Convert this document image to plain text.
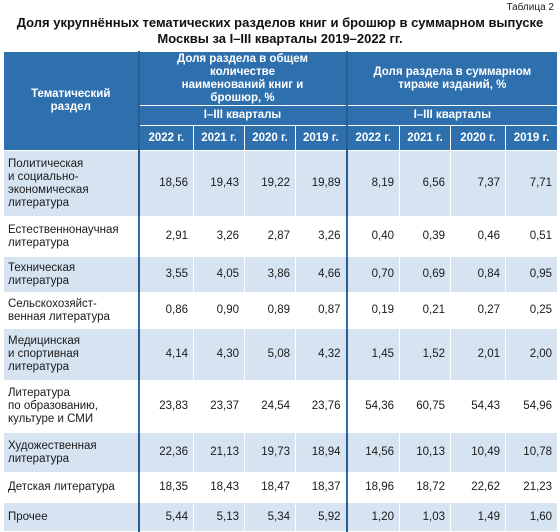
Таблица 2
Доля укрупнённых тематических разделов книг и брошюр в суммарном выпуске
Москвы за I–III кварталы 2019–2022 гг.
Тематический раздел	Доля раздела в общем количестве наименований книг и брошюр, %				Доля раздела в суммарном тиражe изданий, %			
	I–III кварталы				I–III кварталы			
	2022 г.	2021 г.	2020 г.	2019 г.	2022 г.	2021 г.	2020 г.	2019 г.

Политическая
и социально-
экономическая
литература	18,56	19,43	19,22	19,89	8,19	6,56	7,37	7,71

Естественнонаучная
литература	2,91	3,26	2,87	3,26	0,40	0,39	0,46	0,51

Техническая
литература	3,55	4,05	3,86	4,66	0,70	0,69	0,84	0,95

Сельскохозяйст-
венная литература	0,86	0,90	0,89	0,87	0,19	0,21	0,27	0,25

Медицинская
и спортивная
литература	4,14	4,30	5,08	4,32	1,45	1,52	2,01	2,00

Литература
по образованию,
культуре и СМИ	23,83	23,37	24,54	23,76	54,36	60,75	54,43	54,96

Художественная
литература	22,36	21,13	19,73	18,94	14,56	10,13	10,49	10,78

Детская литература	18,35	18,43	18,47	18,37	18,96	18,72	22,62	21,23

Прочее	5,44	5,13	5,34	5,92	1,20	1,03	1,49	1,60
